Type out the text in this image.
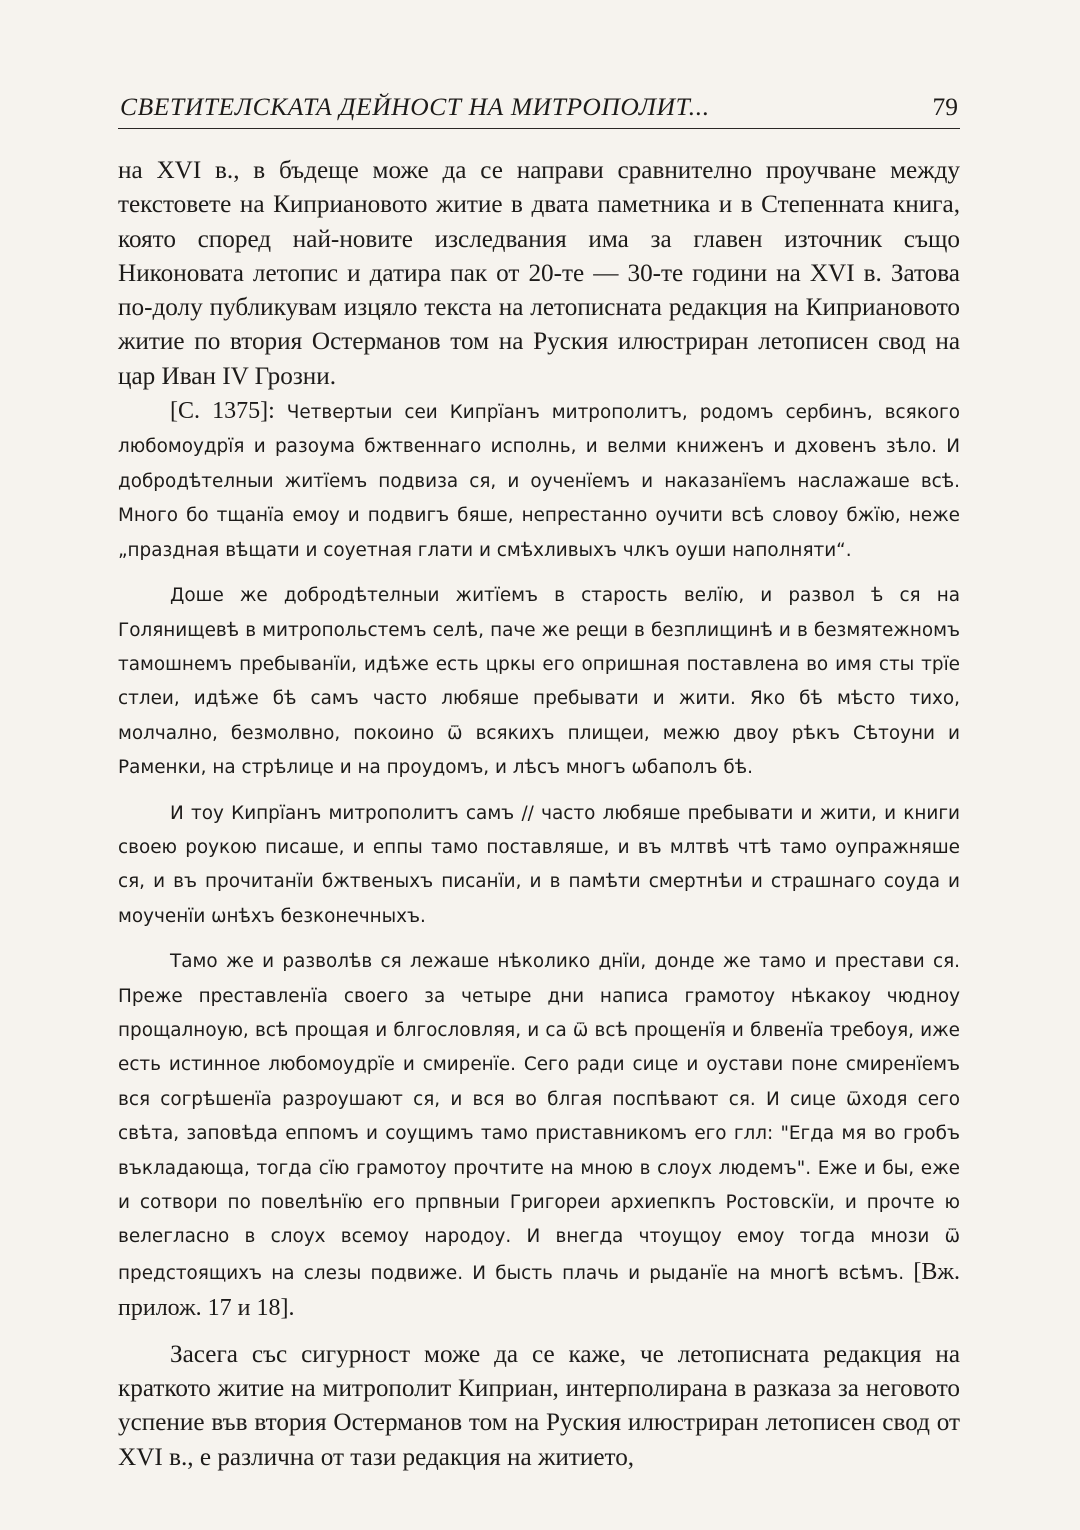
СВЕТИТЕЛСКАТА ДЕЙНОСТ НА МИТРОПОЛИТ...	79

на XVI в., в бъдеще може да се направи сравнително проучване между текстовете на Киприановото житие в двата паметника и в Степенната книга, която според най-новите изследвания има за главен източник също Никоновата летопис и датира пак от 20-те — 30-те години на XVI в. Затова по-долу публикувам изцяло текста на летописната редакция на Киприановото житие по втория Остерманов том на Руския илюстриран летописен свод на цар Иван IV Грозни.

[С. 1375]: Четвертыи сеи Кипрїанъ митрополитъ, родомъ сербинъ, всякого любомоудрїя и разоума бжтвеннаго исполнь, и велми книженъ и дховенъ зѣло. И добродѣтелныи житїемъ подвиза ся, и оученїемъ и наказанїемъ наслажаше всѣ. Много бо тщанїа емоу и подвигъ бяше, непрестанно оучити всѣ словоу бжїю, неже „праздная вѣщати и соуетная глати и смѣхливыхъ члкъ оуши наполняти“.

Доше же добродѣтелныи житїемъ в старость велїю, и развол ѣ ся на Голянищевѣ в митропольстемъ селѣ, паче же рещи в безплищинѣ и в безмятежномъ тамошнемъ пребыванїи, идѣже есть цркы его опришная поставлена во имя сты трїе стлеи, идѣже бѣ самъ часто любяше пребывати и жити. Яко бѣ мѣсто тихо, молчално, безмолвно, покоино ѿ всякихъ плищеи, межю двоу рѣкъ Сѣтоуни и Раменки, на стрѣлице и на проудомъ, и лѣсъ многъ ѡбаполъ бѣ.

И тоу Кипрїанъ митрополитъ самъ // часто любяше пребывати и жити, и книги своею роукою писаше, и еппы тамо поставляше, и въ млтвѣ чтѣ тамо оупражняше ся, и въ прочитанїи бжтвеныхъ писанїи, и в памѣти смертнѣи и страшнаго соуда и моученїи ѡнѣхъ безконечныхъ.

Тамо же и разволѣв ся лежаше нѣколико днїи, донде же тамо и престави ся. Преже преставленїа своего за четыре дни написа грамотоу нѣкакоу чюдноу прощалноую, всѣ прощая и блгословляя, и са ѿ всѣ прощенїя и блвенїа требоуя, иже есть истинное любомоудрїе и смиренїе. Сего ради сице и оустави поне смиренїемъ вся согрѣшенїа разроушают ся, и вся во блгая поспѣвают ся. И сице ѿходя сего свѣта, заповѣда еппомъ и соущимъ тамо приставникомъ его глл: "Егда мя во гробъ въкладающа, тогда сїю грамотоу прочтите на мною в слоух людемъ". Еже и бы, еже и сотвори по повелѣнїю его прпвныи Григореи архиепкпъ Ростовскїи, и прочте ю велегласно в слоух всемоу народоу. И внегда чтоущоу емоу тогда мнози ѿ предстоящихъ на слезы подвиже. И бысть плачь и рыданїе на многѣ всѣмъ. [Вж. прилож. 17 и 18].

Засега със сигурност може да се каже, че летописната редакция на краткото житие на митрополит Киприан, интерполирана в разказа за неговото успение във втория Остерманов том на Руския илюстриран летописен свод от XVI в., е различна от тази редакция на житието,
